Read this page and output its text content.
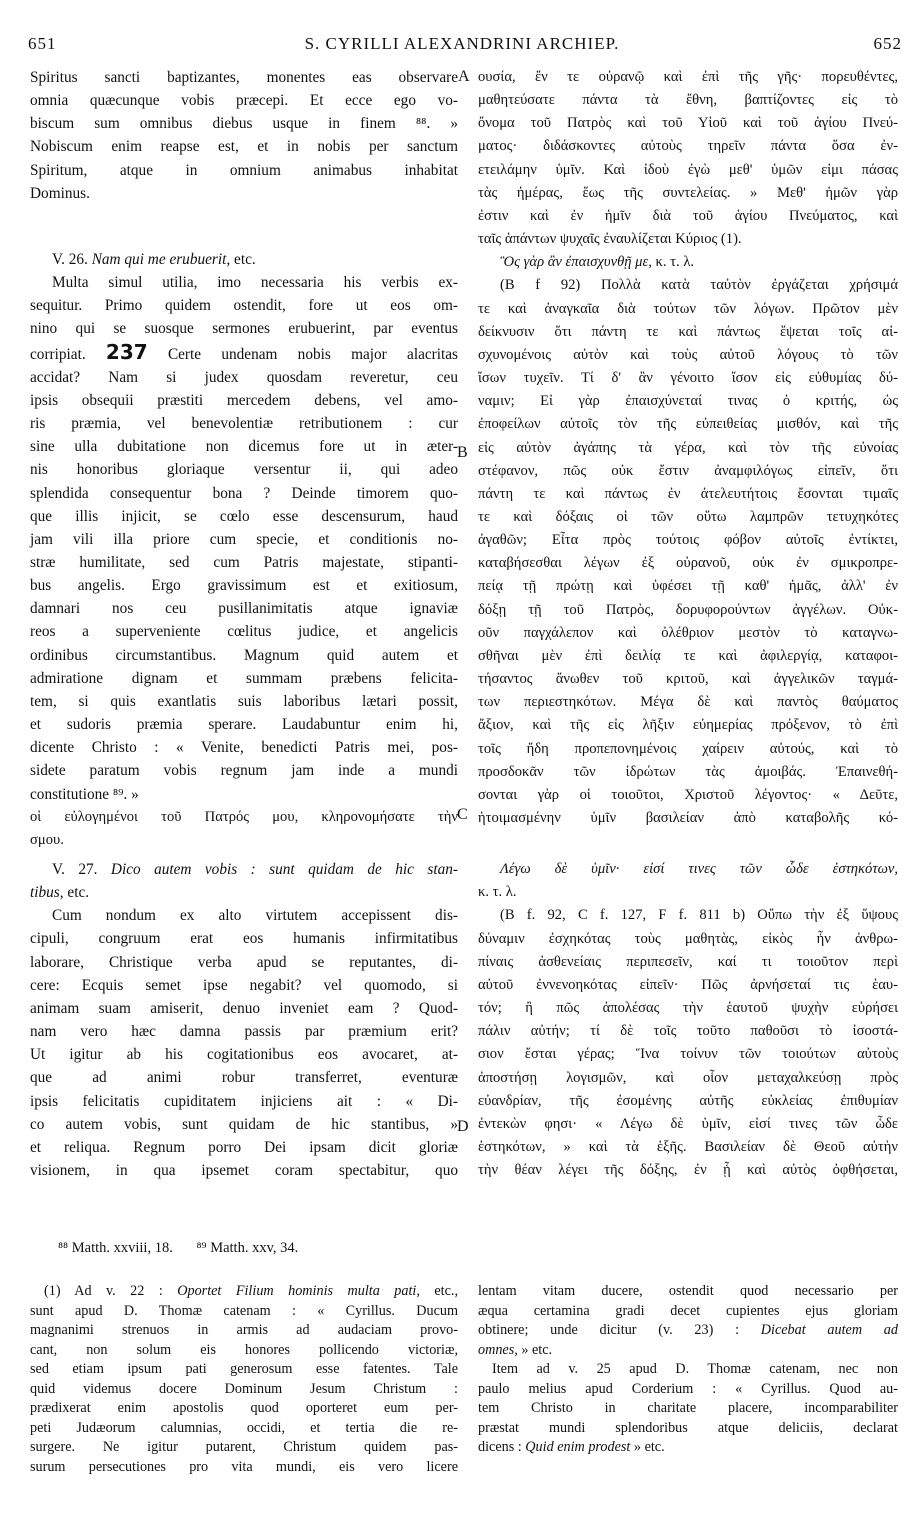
651	S. CYRILLI ALEXANDRINI ARCHIEP.	652
A
B
C
D
Spiritus sancti baptizantes, monentes eas observare
omnia quæcunque vobis præcepi. Et ecce ego vo-
biscum sum omnibus diebus usque in finem ⁸⁸. »
Nobiscum enim reapse est, et in nobis per sanctum
Spiritum, atque in omnium animabus inhabitat
Dominus.
V. 26. Nam qui me erubuerit, etc.
Multa simul utilia, imo necessaria his verbis ex-
sequitur. Primo quidem ostendit, fore ut eos om-
nino qui se suosque sermones erubuerint, par eventus
corripiat. 237 Certe undenam nobis major alacritas
accidat? Nam si judex quosdam reveretur, ceu
ipsis obsequii præstiti mercedem debens, vel amo-
ris præmia, vel benevolentiæ retributionem : cur
sine ulla dubitatione non dicemus fore ut in æter-
nis honoribus gloriaque versentur ii, qui adeo
splendida consequentur bona ? Deinde timorem quo-
que illis injicit, se cœlo esse descensurum, haud
jam vili illa priore cum specie, et conditionis no-
stræ humilitate, sed cum Patris majestate, stipanti-
bus angelis. Ergo gravissimum est et exitiosum,
damnari nos ceu pusillanimitatis atque ignaviæ
reos a superveniente cœlitus judice, et angelicis
ordinibus circumstantibus. Magnum quid autem et
admiratione dignam et summam præbens felicita-
tem, si quis exantlatis suis laboribus lætari possit,
et sudoris præmia sperare. Laudabuntur enim hi,
dicente Christo : « Venite, benedicti Patris mei, pos-
sidete paratum vobis regnum jam inde a mundi
constitutione ⁸⁹. »
οἱ εὐλογημένοι τοῦ Πατρός μου, κληρονομήσατε τὴν
σμου.
V. 27. Dico autem vobis : sunt quidam de hic stan-
tibus, etc.
Cum nondum ex alto virtutem accepissent dis-
cipuli, congruum erat eos humanis infirmitatibus
laborare, Christique verba apud se reputantes, di-
cere: Ecquis semet ipse negabit? vel quomodo, si
animam suam amiserit, denuo inveniet eam ? Quod-
nam vero hæc damna passis par præmium erit?
Ut igitur ab his cogitationibus eos avocaret, at-
que ad animi robur transferret, eventuræ
ipsis felicitatis cupiditatem injiciens ait : « Di-
co autem vobis, sunt quidam de hic stantibus, »
et reliqua. Regnum porro Dei ipsam dicit gloriæ
visionem, in qua ipsemet coram spectabitur, quo
ουσία, ἔν τε οὐρανῷ καὶ ἐπὶ τῆς γῆς· πορευθέντες,
μαθητεύσατε πάντα τὰ ἔθνη, βαπτίζοντες εἰς τὸ
ὄνομα τοῦ Πατρὸς καὶ τοῦ Υἱοῦ καὶ τοῦ ἁγίου Πνεύ-
ματος· διδάσκοντες αὐτοὺς τηρεῖν πάντα ὅσα ἐν-
ετειλάμην ὑμῖν. Καὶ ἰδοὺ ἐγὼ μεθ' ὑμῶν εἰμι πάσας
τὰς ἡμέρας, ἕως τῆς συντελείας. » Μεθ' ἡμῶν γὰρ
ἐστιν καὶ ἐν ἡμῖν διὰ τοῦ ἁγίου Πνεύματος, καὶ
ταῖς ἁπάντων ψυχαῖς ἐναυλίζεται Κύριος (1).
Ὃς γὰρ ἂν ἐπαισχυνθῇ με, κ. τ. λ.
(B f 92) Πολλὰ κατὰ ταὐτὸν ἐργάζεται χρήσιμά
τε καὶ ἀναγκαῖα διὰ τούτων τῶν λόγων. Πρῶτον μὲν
δείκνυσιν ὅτι πάντη τε καὶ πάντως ἕψεται τοῖς αἰ-
σχυνομένοις αὐτὸν καὶ τοὺς αὐτοῦ λόγους τὸ τῶν
ἴσων τυχεῖν. Τί δ' ἂν γένοιτο ἴσον εἰς εὐθυμίας δύ-
ναμιν; Εἰ γὰρ ἐπαισχύνεταί τινας ὁ κριτής, ὡς
ἐποφείλων αὐτοῖς τὸν τῆς εὐπειθείας μισθόν, καὶ τῆς
εἰς αὐτὸν ἀγάπης τὰ γέρα, καὶ τὸν τῆς εὐνοίας
στέφανον, πῶς οὐκ ἔστιν ἀναμφιλόγως εἰπεῖν, ὅτι
πάντη τε καὶ πάντως ἐν ἀτελευτήτοις ἔσονται τιμαῖς
τε καὶ δόξαις οἱ τῶν οὕτω λαμπρῶν τετυχηκότες
ἀγαθῶν; Εἶτα πρὸς τούτοις φόβον αὐτοῖς ἐντίκτει,
καταβήσεσθαι λέγων ἐξ οὐρανοῦ, οὐκ ἐν σμικροπρε-
πείᾳ τῇ πρώτῃ καὶ ὑφέσει τῇ καθ' ἡμᾶς, ἀλλ' ἐν
δόξῃ τῇ τοῦ Πατρὸς, δορυφορούντων ἀγγέλων. Οὐκ-
οῦν παγχάλεπον καὶ ὀλέθριον μεστὸν τὸ καταγνω-
σθῆναι μὲν ἐπὶ δειλίᾳ τε καὶ ἀφιλεργίᾳ, καταφοι-
τήσαντος ἄνωθεν τοῦ κριτοῦ, καὶ ἀγγελικῶν ταγμά-
των περιεστηκότων. Μέγα δὲ καὶ παντὸς θαύματος
ἄξιον, καὶ τῆς εἰς λῆξιν εὐημερίας πρόξενον, τὸ ἐπὶ
τοῖς ἤδη προπεπονημένοις χαίρειν αὐτούς, καὶ τὸ
προσδοκᾶν τῶν ἱδρώτων τὰς ἀμοιβάς. Ἐπαινεθή-
σονται γὰρ οἱ τοιοῦτοι, Χριστοῦ λέγοντος· « Δεῦτε,
ἡτοιμασμένην ὑμῖν βασιλείαν ἀπὸ καταβολῆς κό-
Λέγω δὲ ὑμῖν· εἰσί τινες τῶν ὧδε ἑστηκότων,
κ. τ. λ.
(B f. 92, C f. 127, F f. 811 b) Οὔπω τὴν ἐξ ὕψους
δύναμιν ἐσχηκότας τοὺς μαθητὰς, εἰκὸς ἦν ἀνθρω-
πίναις ἀσθενείαις περιπεσεῖν, καί τι τοιοῦτον περὶ
αὐτοῦ ἐννενοηκότας εἰπεῖν· Πῶς ἀρνήσεταί τις ἑαυ-
τόν; ἢ πῶς ἀπολέσας τὴν ἑαυτοῦ ψυχὴν εὑρήσει
πάλιν αὐτήν; τί δὲ τοῖς τοῦτο παθοῦσι τὸ ἰσοστά-
σιον ἔσται γέρας; Ἵνα τοίνυν τῶν τοιούτων αὐτοὺς
ἀποστήσῃ λογισμῶν, καὶ οἷον μεταχαλκεύσῃ πρὸς
εὐανδρίαν, τῆς ἐσομένης αὐτῆς εὐκλείας ἐπιθυμίαν
ἐντεκὼν φησι· « Λέγω δὲ ὑμῖν, εἰσί τινες τῶν ὧδε
ἑστηκότων, » καὶ τὰ ἑξῆς. Βασιλείαν δὲ Θεοῦ αὐτὴν
τὴν θέαν λέγει τῆς δόξης, ἐν ᾗ καὶ αὐτὸς ὀφθήσεται,
⁸⁸ Matth. xxviii, 18. ⁸⁹ Matth. xxv, 34.
(1) Ad v. 22 : Oportet Filium hominis multa pati, etc.,
sunt apud D. Thomæ catenam : « Cyrillus. Ducum
magnanimi strenuos in armis ad audaciam provo-
cant, non solum eis honores pollicendo victoriæ,
sed etiam ipsum pati generosum esse fatentes. Tale
quid videmus docere Dominum Jesum Christum :
prædixerat enim apostolis quod oporteret eum per-
peti Judæorum calumnias, occidi, et tertia die re-
surgere. Ne igitur putarent, Christum quidem pas-
surum persecutiones pro vita mundi, eis vero licere
lentam vitam ducere, ostendit quod necessario per
æqua certamina gradi decet cupientes ejus gloriam
obtinere; unde dicitur (v. 23) : Dicebat autem ad
omnes, » etc.
Item ad v. 25 apud D. Thomæ catenam, nec non
paulo melius apud Corderium : « Cyrillus. Quod au-
tem Christo in charitate placere, incomparabiliter
præstat mundi splendoribus atque deliciis, declarat
dicens : Quid enim prodest » etc.
